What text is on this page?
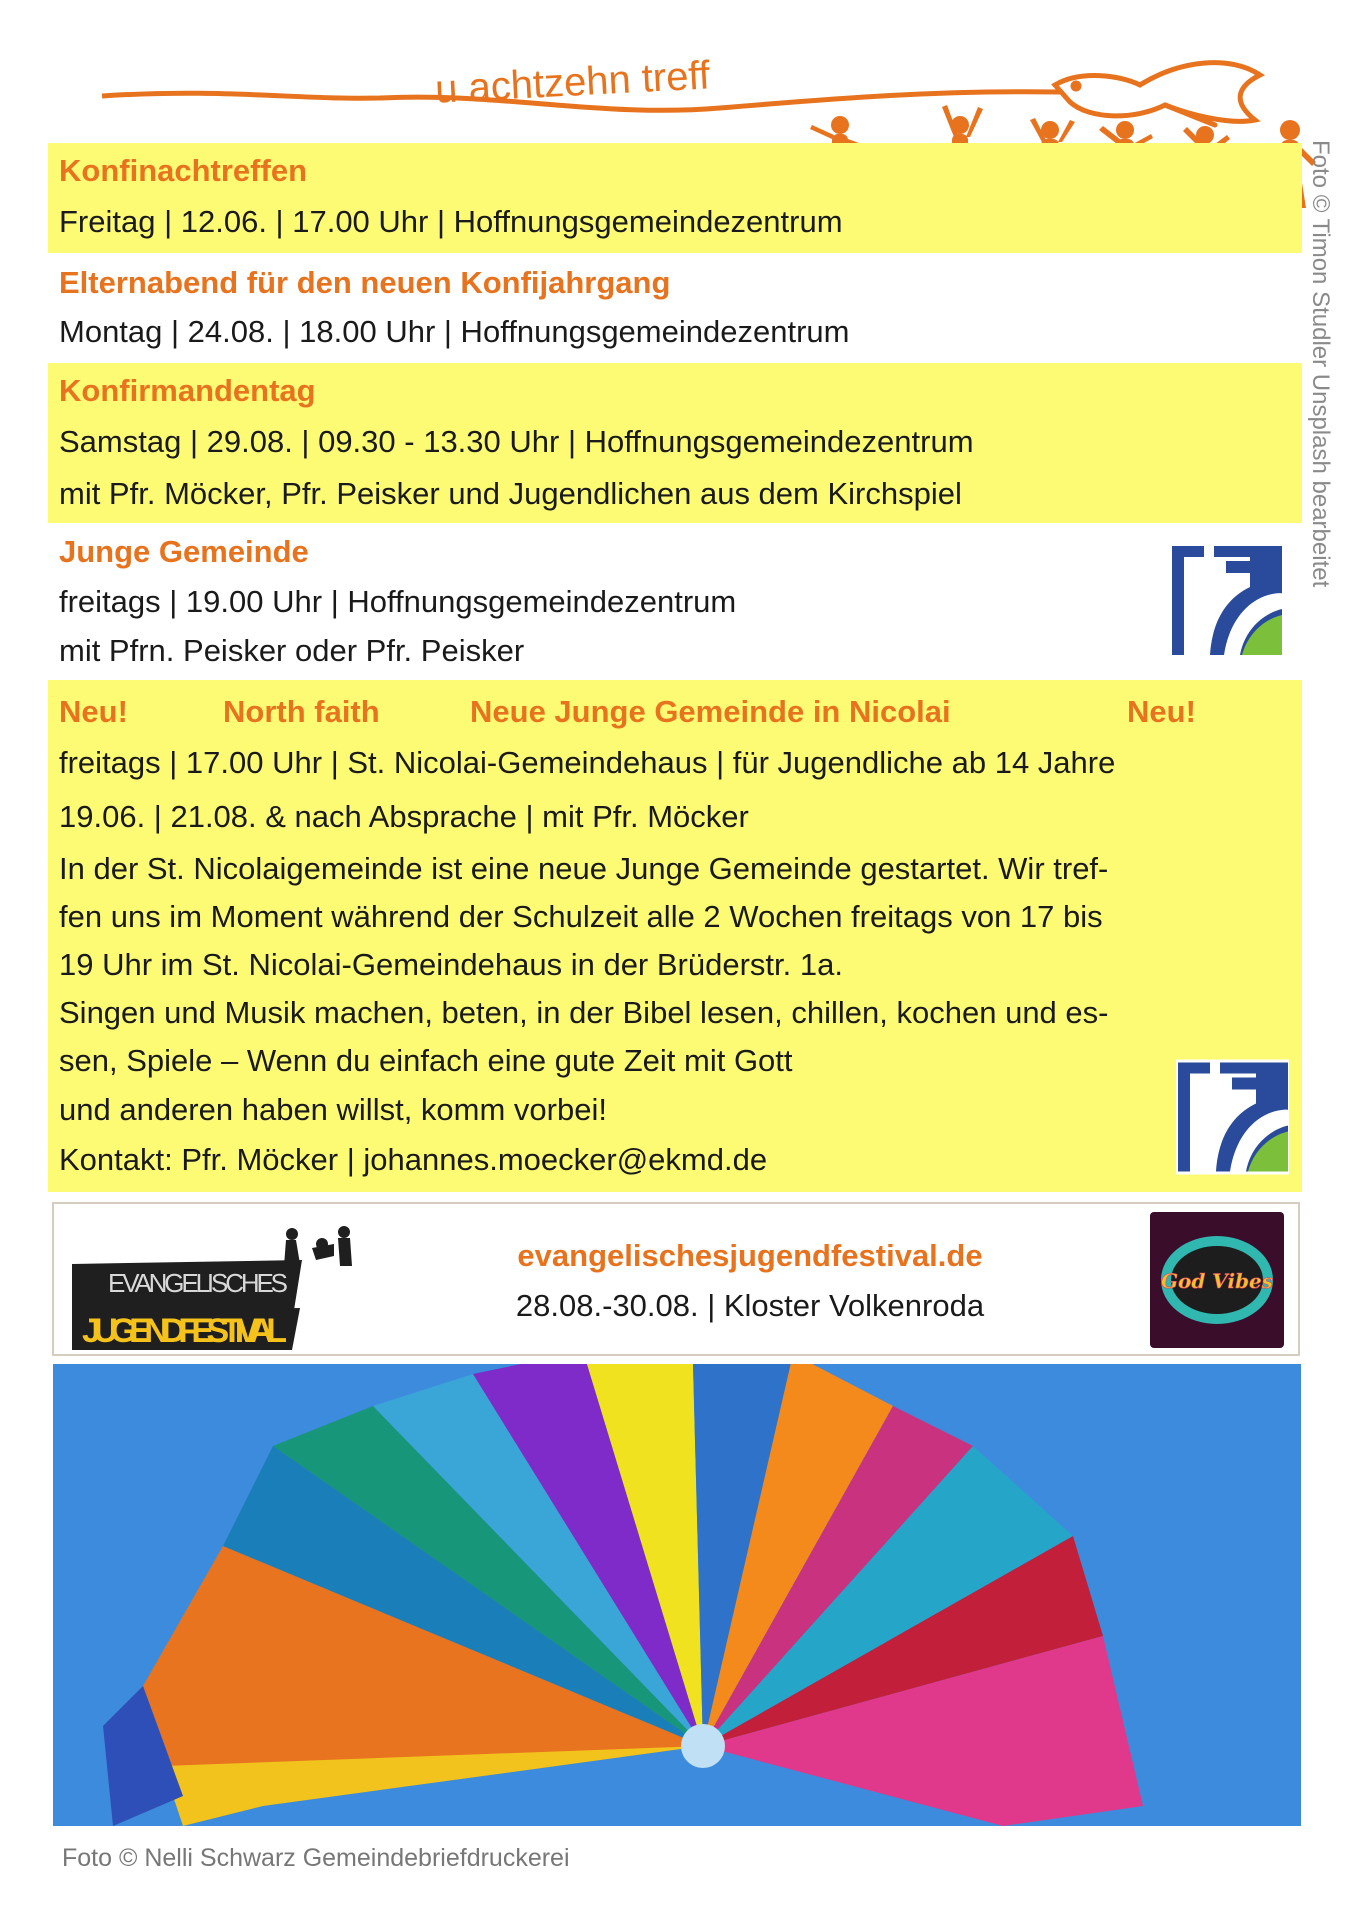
u achtzehn treff
Foto © Timon Studler Unsplash bearbeitet
Konfinachtreffen
Freitag | 12.06. | 17.00 Uhr | Hoffnungsgemeindezentrum
Elternabend für den neuen Konfijahrgang
Montag | 24.08. | 18.00 Uhr | Hoffnungsgemeindezentrum
Konfirmandentag
Samstag | 29.08. | 09.30 - 13.30 Uhr | Hoffnungsgemeindezentrum
mit Pfr. Möcker, Pfr. Peisker und Jugendlichen aus dem Kirchspiel
Junge Gemeinde
freitags | 19.00 Uhr | Hoffnungsgemeindezentrum
mit Pfrn. Peisker oder Pfr. Peisker
Neu!	North faith	Neue Junge Gemeinde in Nicolai	Neu!
freitags | 17.00 Uhr | St. Nicolai-Gemeindehaus | für Jugendliche ab 14 Jahre
19.06. | 21.08. & nach Absprache | mit Pfr. Möcker
In der St. Nicolaigemeinde ist eine neue Junge Gemeinde gestartet. Wir tref-
fen uns im Moment während der Schulzeit alle 2 Wochen freitags von 17 bis
19 Uhr im St. Nicolai-Gemeindehaus in der Brüderstr. 1a.
Singen und Musik machen, beten, in der Bibel lesen, chillen, kochen und es-
sen, Spiele – Wenn du einfach eine gute Zeit mit Gott
und anderen haben willst, komm vorbei!
Kontakt: Pfr. Möcker | johannes.moecker@ekmd.de
EVANGELISCHES
JUGENDFESTIVAL
evangelischesjugendfestival.de
28.08.-30.08. | Kloster Volkenroda
God Vibes
Foto © Nelli Schwarz Gemeindebriefdruckerei
